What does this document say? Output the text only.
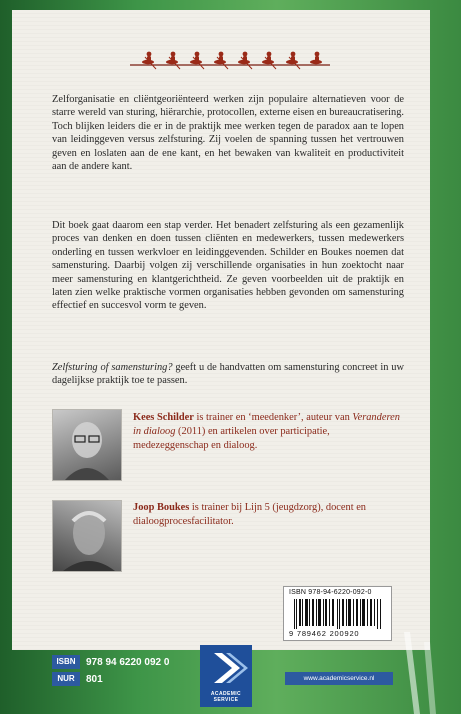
Zelforganisatie en cliëntgeoriënteerd werken zijn populaire alternatieven voor de starre wereld van sturing, hiërarchie, protocollen, externe eisen en bureaucratisering. Toch blijken leiders die er in de praktijk mee werken tegen de paradox aan te lopen van leidinggeven versus zelfsturing. Zij voelen de spanning tussen het vertrouwen geven en loslaten aan de ene kant, en het bewaken van kwaliteit en productiviteit aan de andere kant.

Dit boek gaat daarom een stap verder. Het benadert zelfsturing als een gezamenlijk proces van denken en doen tussen cliënten en medewerkers, tussen medewerkers onderling en tussen werkvloer en leidinggevenden. Schilder en Boukes noemen dat samensturing. Daarbij volgen zij verschillende organisaties in hun zoektocht naar meer samensturing en klantgerichtheid. Ze geven voorbeelden uit de praktijk en laten zien welke praktische vormen organisaties hebben gevonden om samensturing effectief en succesvol vorm te geven.

Zelfsturing of samensturing? geeft u de handvatten om samensturing concreet in uw dagelijkse praktijk toe te passen.

Kees Schilder is trainer en ‘meedenker’, auteur van Veranderen in dialoog (2011) en artikelen over participatie, medezeggenschap en dialoog.

Joop Boukes is trainer bij Lijn 5 (jeugdzorg), docent en dialoogprocesfacilitator.

ISBN 978-94-6220-092-0
9 789462 200920
ISBN 978 94 6220 092 0
NUR 801
ACADEMIC
SERVICE
www.academicservice.nl
